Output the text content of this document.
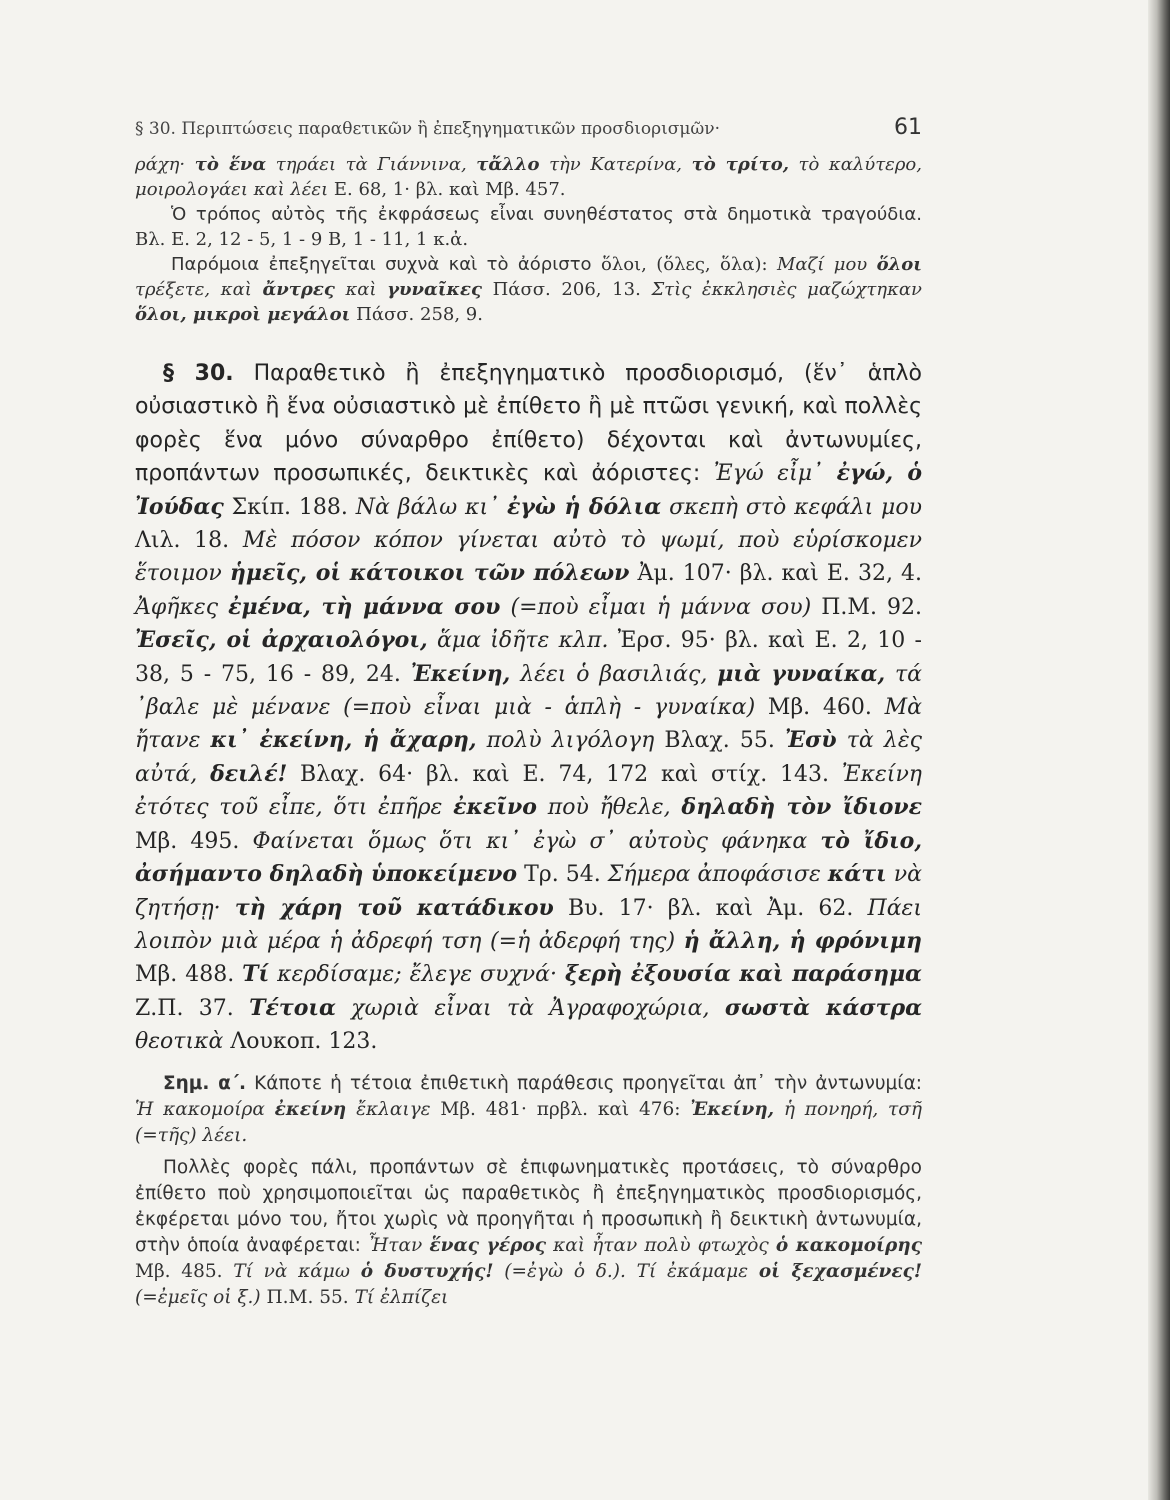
§ 30. Περιπτώσεις παραθετικῶν ἢ ἐπεξηγηματικῶν προσδιορισμῶν·	61

ράχη· τὸ ἕνα τηράει τὰ Γιάννινα, τἄλλο τὴν Κατερίνα, τὸ τρίτο, τὸ καλύτερο, μοιρολογάει καὶ λέει Ε. 68, 1· βλ. καὶ Μβ. 457.

Ὁ τρόπος αὐτὸς τῆς ἐκφράσεως εἶναι συνηθέστατος στὰ δημοτικὰ τραγούδια. Βλ. Ε. 2, 12 - 5, 1 - 9 Β, 1 - 11, 1 κ.ἀ.

Παρόμοια ἐπεξηγεῖται συχνὰ καὶ τὸ ἀόριστο ὅλοι, (ὅλες, ὅλα): Μαζί μου ὅλοι τρέξετε, καὶ ἄντρες καὶ γυναῖκες Πάσσ. 206, 13. Στὶς ἐκκλησιὲς μαζώχτηκαν ὅλοι, μικροὶ μεγάλοι Πάσσ. 258, 9.

§ 30. Παραθετικὸ ἢ ἐπεξηγηματικὸ προσδιορισμό, (ἕν᾽ ἁπλὸ οὐσιαστικὸ ἢ ἕνα οὐσιαστικὸ μὲ ἐπίθετο ἢ μὲ πτῶσι γενική, καὶ πολλὲς φορὲς ἕνα μόνο σύναρθρο ἐπίθετο) δέχονται καὶ ἀντωνυμίες, προπάντων προσωπικές, δεικτικὲς καὶ ἀόριστες: Ἐγώ εἶμ᾽ ἐγώ, ὁ Ἰούδας Σκίπ. 188. Νὰ βάλω κι᾽ ἐγὼ ἡ δόλια σκεπὴ στὸ κεφάλι μου Λιλ. 18. Μὲ πόσον κόπον γίνεται αὐτὸ τὸ ψωμί, ποὺ εὑρίσκομεν ἕτοιμον ἡμεῖς, οἱ κάτοικοι τῶν πόλεων Ἀμ. 107· βλ. καὶ Ε. 32, 4. Ἀφῆκες ἐμένα, τὴ μάννα σου (=ποὺ εἶμαι ἡ μάννα σου) Π.Μ. 92. Ἐσεῖς, οἱ ἀρχαιολόγοι, ἅμα ἰδῆτε κλπ. Ἐρσ. 95· βλ. καὶ Ε. 2, 10 - 38, 5 - 75, 16 - 89, 24. Ἐκείνη, λέει ὁ βασιλιάς, μιὰ γυναίκα, τά ᾽βαλε μὲ μένανε (=ποὺ εἶναι μιὰ - ἁπλὴ - γυναίκα) Μβ. 460. Μὰ ἤτανε κι᾽ ἐκείνη, ἡ ἄχαρη, πολὺ λιγόλογη Βλαχ. 55. Ἐσὺ τὰ λὲς αὐτά, δειλέ! Βλαχ. 64· βλ. καὶ Ε. 74, 172 καὶ στίχ. 143. Ἐκείνη ἐτότες τοῦ εἶπε, ὅτι ἐπῆρε ἐκεῖνο ποὺ ἤθελε, δηλαδὴ τὸν ἴδιονε Μβ. 495. Φαίνεται ὅμως ὅτι κι᾽ ἐγὼ σ᾽ αὐτοὺς φάνηκα τὸ ἴδιο, ἀσήμαντο δηλαδὴ ὑποκείμενο Τρ. 54. Σήμερα ἀποφάσισε κάτι νὰ ζητήσῃ· τὴ χάρη τοῦ κατάδικου Βυ. 17· βλ. καὶ Ἀμ. 62. Πάει λοιπὸν μιὰ μέρα ἡ ἀδρεφή τση (=ἡ ἀδερφή της) ἡ ἄλλη, ἡ φρόνιμη Μβ. 488. Τί κερδίσαμε; ἔλεγε συχνά· ξερὴ ἐξουσία καὶ παράσημα Ζ.Π. 37. Τέτοια χωριὰ εἶναι τὰ Ἀγραφοχώρια, σωστὰ κάστρα θεοτικὰ Λουκοπ. 123.

Σημ. α΄. Κάποτε ἡ τέτοια ἐπιθετικὴ παράθεσις προηγεῖται ἀπ᾽ τὴν ἀντωνυμία: Ἡ κακομοίρα ἐκείνη ἔκλαιγε Μβ. 481· πρβλ. καὶ 476: Ἐκείνη, ἡ πονηρή, τσῆ (=τῆς) λέει.

Πολλὲς φορὲς πάλι, προπάντων σὲ ἐπιφωνηματικὲς προτάσεις, τὸ σύναρθρο ἐπίθετο ποὺ χρησιμοποιεῖται ὡς παραθετικὸς ἢ ἐπεξηγηματικὸς προσδιορισμός, ἐκφέρεται μόνο του, ἤτοι χωρὶς νὰ προηγῆται ἡ προσωπικὴ ἢ δεικτικὴ ἀντωνυμία, στὴν ὁποία ἀναφέρεται: Ἦταν ἕνας γέρος καὶ ἦταν πολὺ φτωχὸς ὁ κακομοίρης Μβ. 485. Τί νὰ κάμω ὁ δυστυχής! (=ἐγὼ ὁ δ.). Τί ἐκάμαμε οἱ ξεχασμένες! (=ἐμεῖς οἱ ξ.) Π.Μ. 55. Τί ἐλπίζει
